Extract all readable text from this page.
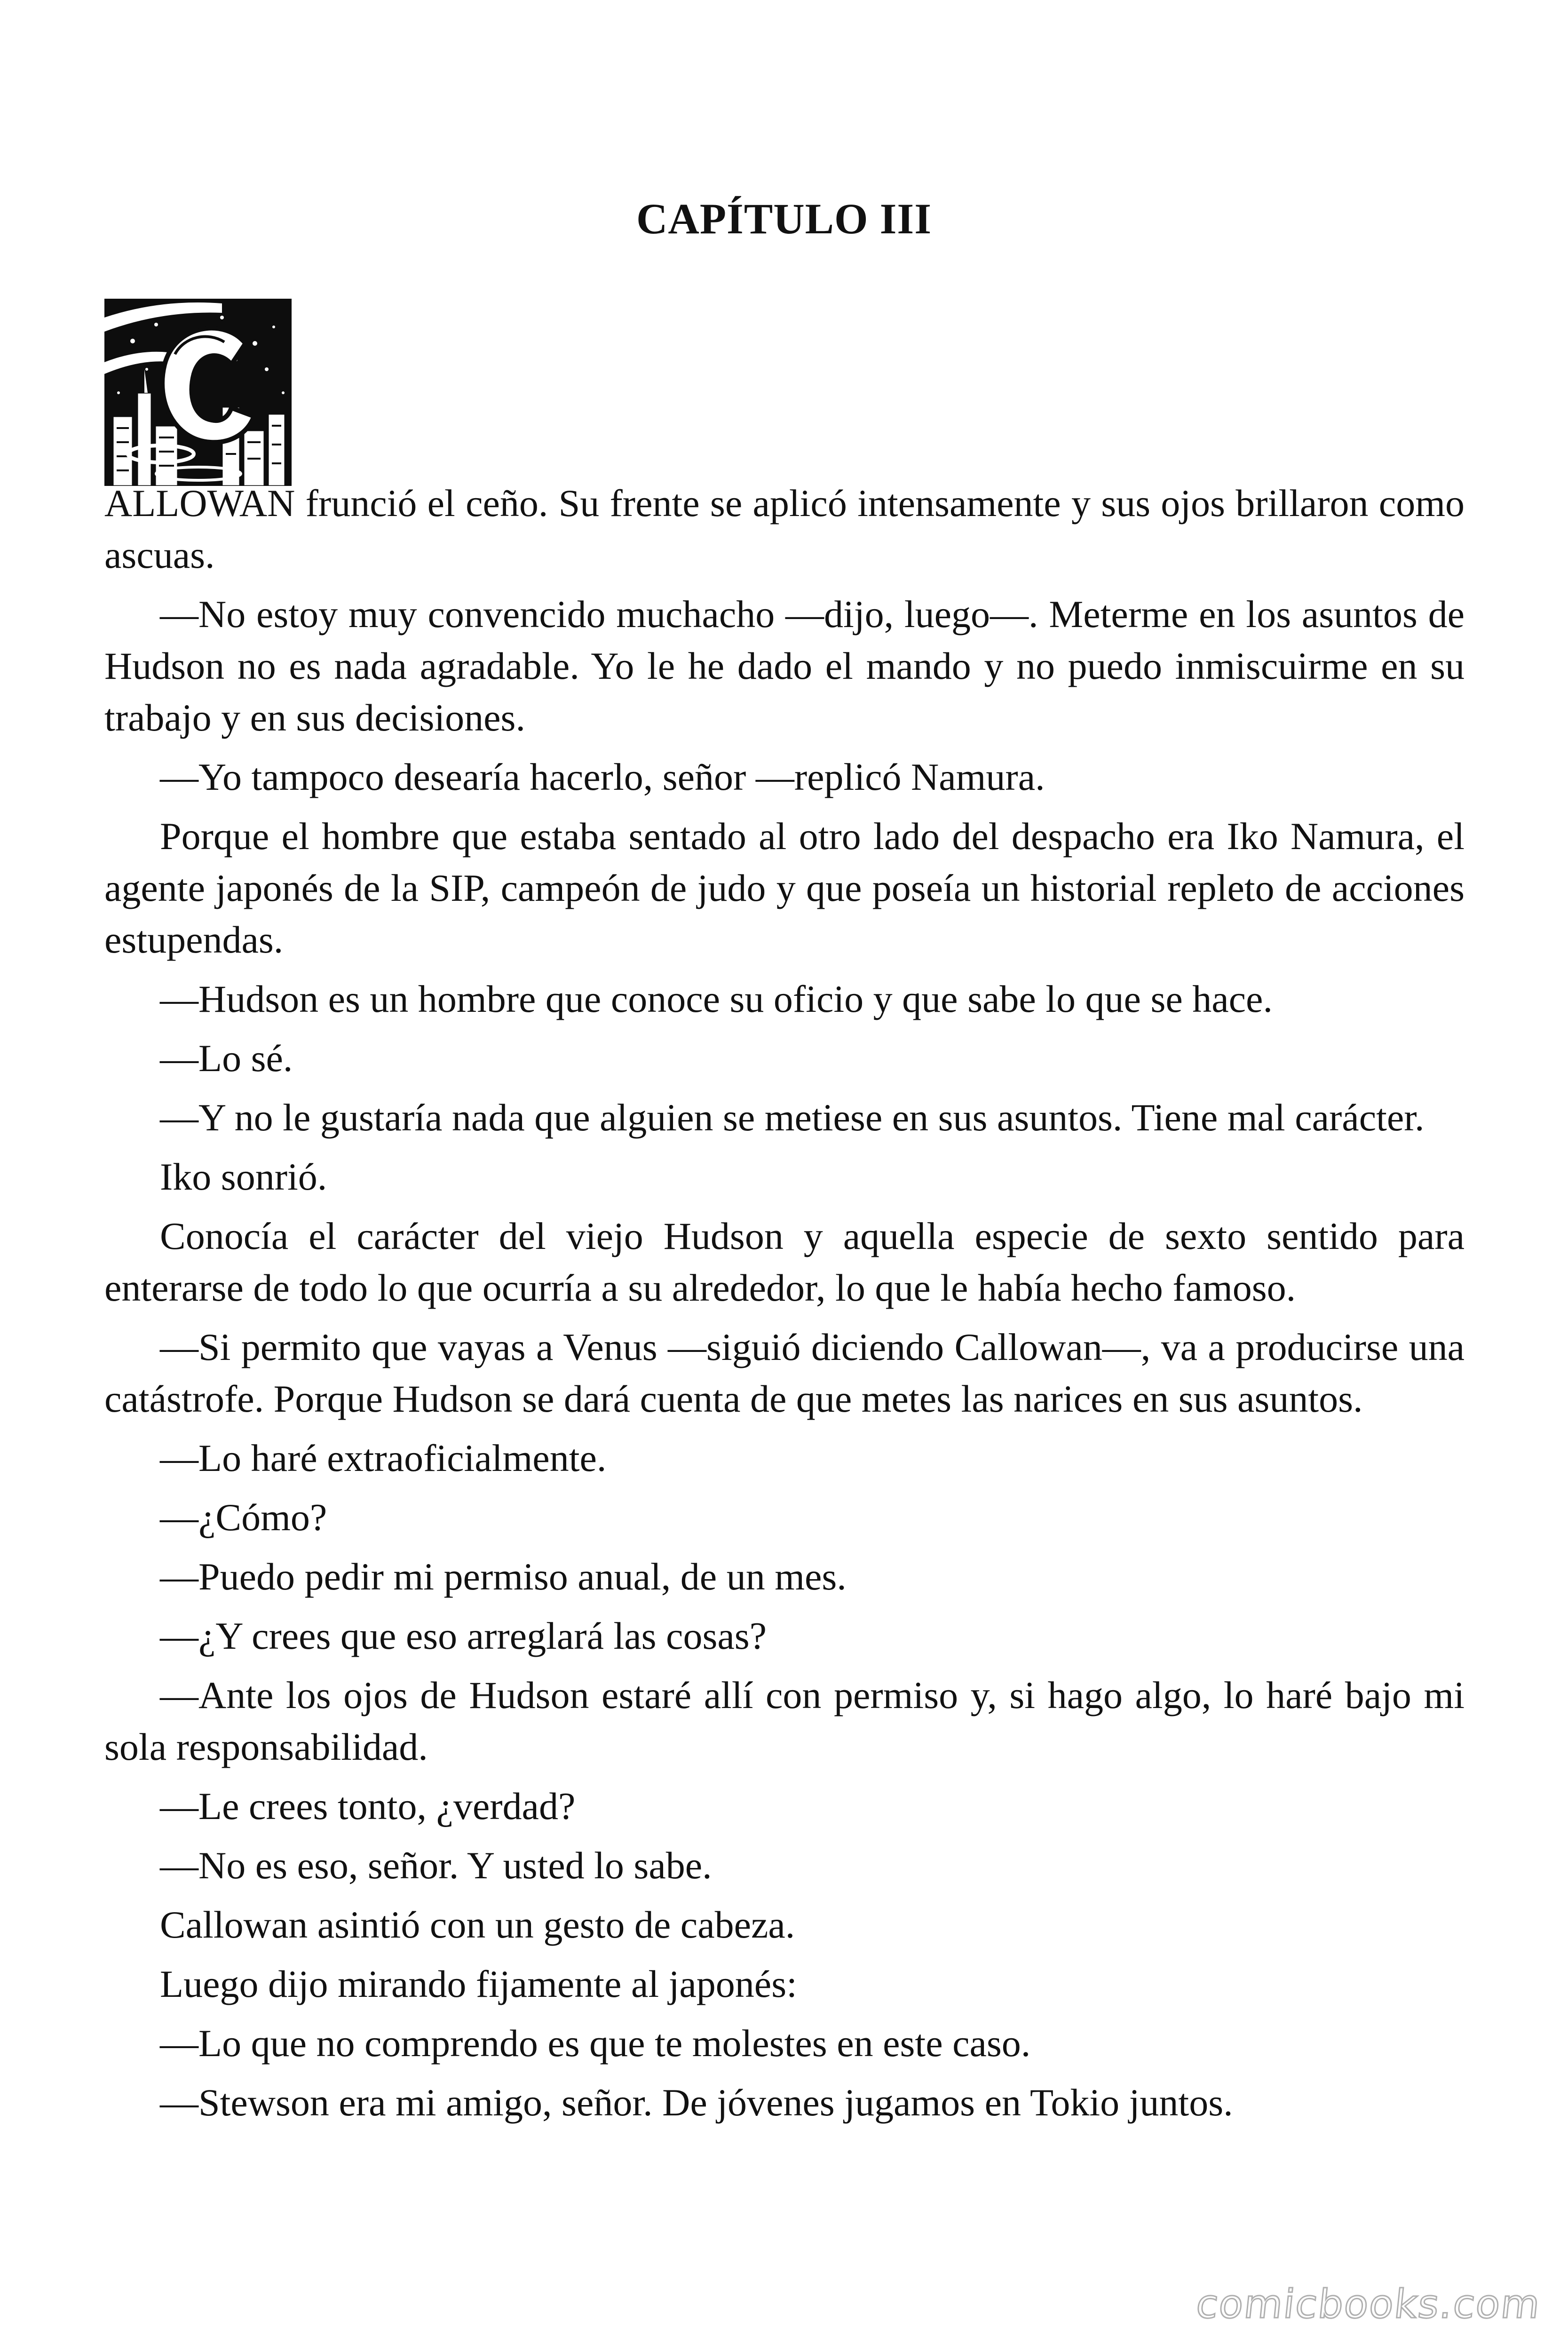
CAPÍTULO III

ALLOWAN frunció el ceño. Su frente se aplicó intensamente y sus ojos brillaron como ascuas.

—No estoy muy convencido muchacho —dijo, luego—. Meterme en los asuntos de Hudson no es nada agradable. Yo le he dado el mando y no puedo inmiscuirme en su trabajo y en sus decisiones.

—Yo tampoco desearía hacerlo, señor —replicó Namura.

Porque el hombre que estaba sentado al otro lado del despacho era Iko Namura, el agente japonés de la SIP, campeón de judo y que poseía un historial repleto de acciones estupendas.

—Hudson es un hombre que conoce su oficio y que sabe lo que se hace.

—Lo sé.

—Y no le gustaría nada que alguien se metiese en sus asuntos. Tiene mal carácter.

Iko sonrió.

Conocía el carácter del viejo Hudson y aquella especie de sexto sentido para enterarse de todo lo que ocurría a su alrededor, lo que le había hecho famoso.

—Si permito que vayas a Venus —siguió diciendo Callowan—, va a producirse una catástrofe. Porque Hudson se dará cuenta de que metes las narices en sus asuntos.

—Lo haré extraoficialmente.

—¿Cómo?

—Puedo pedir mi permiso anual, de un mes.

—¿Y crees que eso arreglará las cosas?

—Ante los ojos de Hudson estaré allí con permiso y, si hago algo, lo haré bajo mi sola responsabilidad.

—Le crees tonto, ¿verdad?

—No es eso, señor. Y usted lo sabe.

Callowan asintió con un gesto de cabeza.

Luego dijo mirando fijamente al japonés:

—Lo que no comprendo es que te molestes en este caso.

—Stewson era mi amigo, señor. De jóvenes jugamos en Tokio juntos.

comicbooks.com
